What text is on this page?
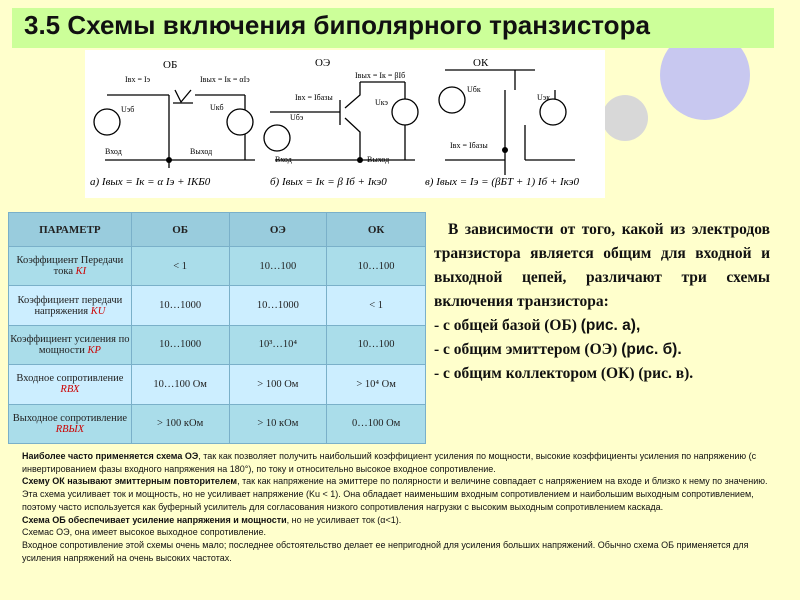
3.5 Схемы включения биполярного транзистора
ОБ	ОЭ	ОК
Iвх = Iэ	Iвых = Iк = αIэ
Uэб	Uкб
Вход	Выход
Iвых = Iк = βIб
Iвх = Iбазы
Uбэ
Uкэ
Вход	Выход
Uбк
Uэк
Iвх = Iбазы
а) Iвых = Iк = α Iэ + IКБ0	б) Iвых = Iк = β Iб + Iкэ0	в) Iвых = Iэ = (βБТ + 1) Iб + Iкэ0
ПАРАМЕТР	ОБ	ОЭ	ОК
Коэффициент Передачи тока KI	< 1	10…100	10…100
Коэффициент передачи напряжения KU	10…1000	10…1000	< 1
Коэффициент усиления по мощности KP	10…1000	10³…10⁴	10…100
Входное сопротивление RВХ	10…100 Ом	> 100 Ом	> 10⁴ Ом
Выходное сопротивление RВЫХ	> 100 кОм	> 10 кОм	0…100 Ом
В зависимости от того, какой из электродов транзистора является общим для входной и выходной цепей, различают три схемы включения транзистора:
- с общей базой (ОБ) (рис. а),
- с общим эмиттером (ОЭ) (рис. б).
- с общим коллектором (ОК) (рис. в).
Наиболее часто применяется схема ОЭ, так как позволяет получить наибольший коэффициент усиления по мощности, высокие коэффициенты усиления по напряжению (с инвертированием фазы входного напряжения на 180°), по току и относительно высокое входное сопротивление.
Схему ОК называют эмиттерным повторителем, так как напряжение на эмиттере по полярности и величине совпадает с напряжением на входе и близко к нему по значению. Эта схема усиливает ток и мощность, но не усиливает напряжение (Ku < 1). Она обладает наименьшим входным сопротивлением и наибольшим выходным сопротивлением, поэтому часто используется как буферный усилитель для согласования низкого сопротивления нагрузки с высоким выходным сопротивлением каскада.
Схема ОБ обеспечивает усиление напряжения и мощности, но не усиливает ток (α<1).
Схемас ОЭ, она имеет высокое выходное сопротивление.
Входное сопротивление этой схемы очень мало; последнее обстоятельство делает ее непригодной для усиления больших напряжений. Обычно схема ОБ применяется для усиления напряжений на очень высоких частотах.
